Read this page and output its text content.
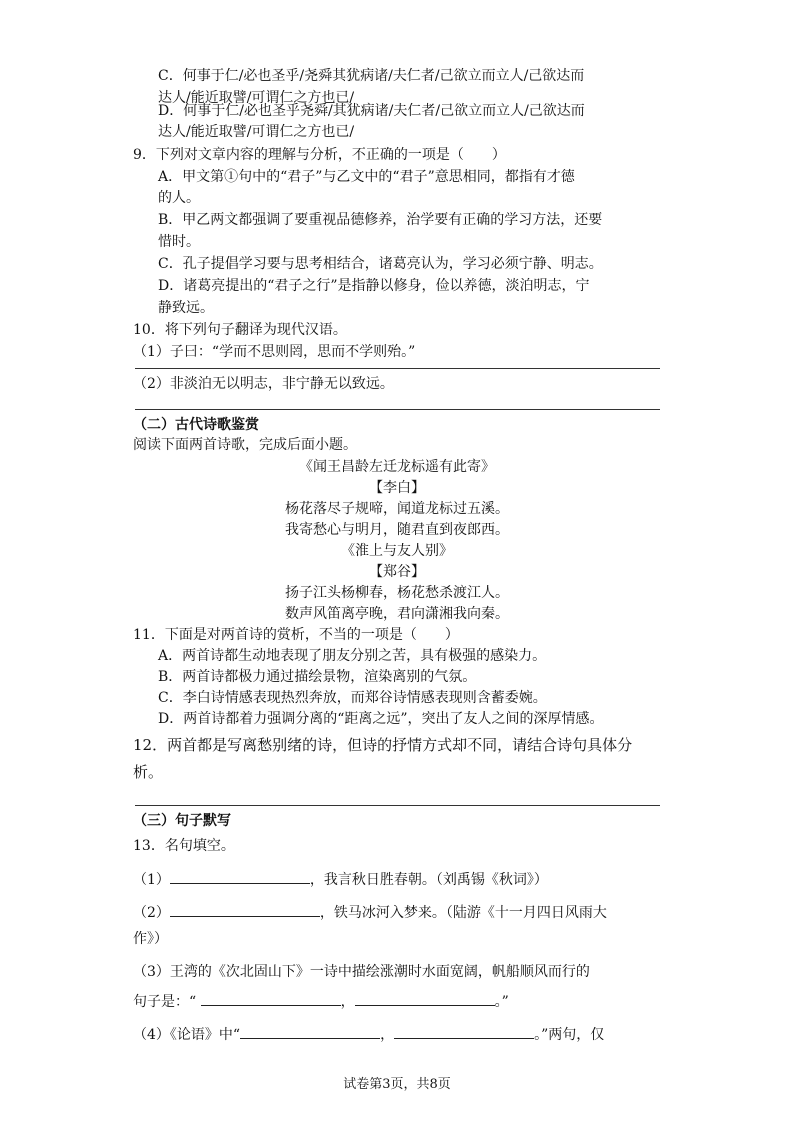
C．何事于仁/必也圣乎/尧舜其犹病诸/夫仁者/己欲立而立人/己欲达而
达人/能近取譬/可谓仁之方也已/
D．何事于仁/必也圣乎尧舜/其犹病诸/夫仁者/己欲立而立人/己欲达而
达人/能近取譬/可谓仁之方也已/
9．下列对文章内容的理解与分析，不正确的一项是（　　）
A．甲文第①句中的“君子”与乙文中的“君子”意思相同，都指有才德
的人。
B．甲乙两文都强调了要重视品德修养，治学要有正确的学习方法，还要
惜时。
C．孔子提倡学习要与思考相结合，诸葛亮认为，学习必须宁静、明志。
D．诸葛亮提出的“君子之行”是指静以修身，俭以养德，淡泊明志，宁
静致远。
10．将下列句子翻译为现代汉语。
（1）子曰：“学而不思则罔，思而不学则殆。”
（2）非淡泊无以明志，非宁静无以致远。
（二）古代诗歌鉴赏
阅读下面两首诗歌，完成后面小题。
《闻王昌龄左迁龙标遥有此寄》
【李白】
杨花落尽子规啼，闻道龙标过五溪。
我寄愁心与明月，随君直到夜郎西。
《淮上与友人别》
【郑谷】
扬子江头杨柳春，杨花愁杀渡江人。
数声风笛离亭晚，君向潇湘我向秦。
11．下面是对两首诗的赏析，不当的一项是（　　）
A．两首诗都生动地表现了朋友分别之苦，具有极强的感染力。
B．两首诗都极力通过描绘景物，渲染离别的气氛。
C．李白诗情感表现热烈奔放，而郑谷诗情感表现则含蓄委婉。
D．两首诗都着力强调分离的“距离之远”，突出了友人之间的深厚情感。
12．两首都是写离愁别绪的诗，但诗的抒情方式却不同，请结合诗句具体分
析。
（三）句子默写
13．名句填空。
（1）	，我言秋日胜春朝。（刘禹锡《秋词》）
（2）	，铁马冰河入梦来。（陆游《十一月四日风雨大
作》）
（3）王湾的《次北固山下》一诗中描绘涨潮时水面宽阔，帆船顺风而行的
句子是：“	，	。”
（4）《论语》中“	，	。”两句，仅
试卷第3页，共8页
